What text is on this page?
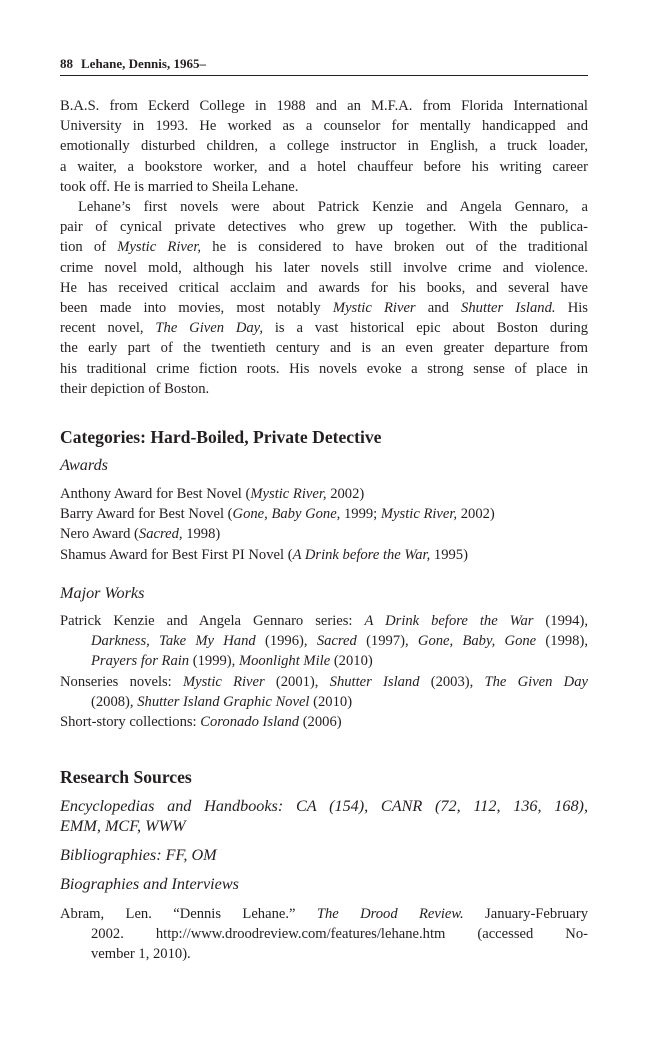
88 Lehane, Dennis, 1965–
B.A.S. from Eckerd College in 1988 and an M.F.A. from Florida International
University in 1993. He worked as a counselor for mentally handicapped and
emotionally disturbed children, a college instructor in English, a truck loader,
a waiter, a bookstore worker, and a hotel chauffeur before his writing career
took off. He is married to Sheila Lehane.
Lehane’s first novels were about Patrick Kenzie and Angela Gennaro, a
pair of cynical private detectives who grew up together. With the publica-
tion of Mystic River, he is considered to have broken out of the traditional
crime novel mold, although his later novels still involve crime and violence.
He has received critical acclaim and awards for his books, and several have
been made into movies, most notably Mystic River and Shutter Island. His
recent novel, The Given Day, is a vast historical epic about Boston during
the early part of the twentieth century and is an even greater departure from
his traditional crime fiction roots. His novels evoke a strong sense of place in
their depiction of Boston.
Categories: Hard-Boiled, Private Detective
Awards
Anthony Award for Best Novel (Mystic River, 2002)
Barry Award for Best Novel (Gone, Baby Gone, 1999; Mystic River, 2002)
Nero Award (Sacred, 1998)
Shamus Award for Best First PI Novel (A Drink before the War, 1995)
Major Works
Patrick Kenzie and Angela Gennaro series: A Drink before the War (1994),
Darkness, Take My Hand (1996), Sacred (1997), Gone, Baby, Gone (1998),
Prayers for Rain (1999), Moonlight Mile (2010)
Nonseries novels: Mystic River (2001), Shutter Island (2003), The Given Day
(2008), Shutter Island Graphic Novel (2010)
Short-story collections: Coronado Island (2006)
Research Sources
Encyclopedias and Handbooks: CA (154), CANR (72, 112, 136, 168),
EMM, MCF, WWW
Bibliographies: FF, OM
Biographies and Interviews
Abram, Len. “Dennis Lehane.” The Drood Review. January-February
2002. http://www.droodreview.com/features/lehane.htm (accessed No-
vember 1, 2010).
